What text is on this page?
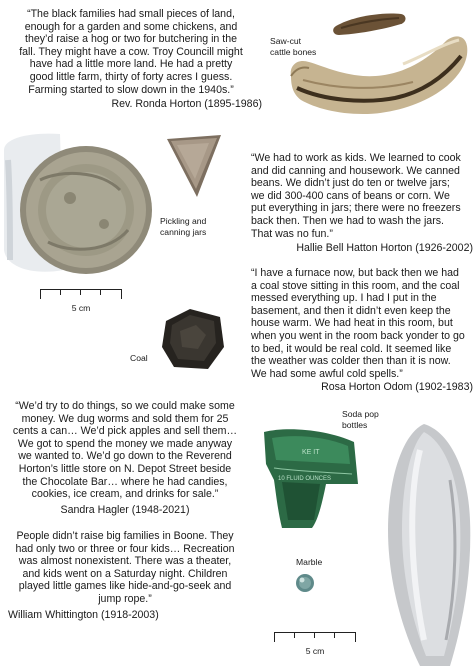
“The black families had small pieces of land,

enough for a garden and some chickens, and

they’d raise a hog or two for butchering in the

fall. They might have a cow. Troy Councill might

have had a little more land. He had a pretty

good little farm, thirty of forty acres I guess.

Farming started to slow down in the 1940s.”

Rev. Ronda Horton (1895-1986)
Saw-cut
cattle bones
Pickling and
canning jars

“We had to work as kids. We learned to cook

and did canning and housework. We canned

beans. We didn’t just do ten or twelve jars;

we did 300-400 cans of beans or corn. We

put everything in jars; there were no freezers

back then. Then we had to wash the jars.

That was no fun.”

Hallie Bell Hatton Horton (1926-2002)
5 cm
Coal

“I have a furnace now, but back then we had

a coal stove sitting in this room, and the coal

messed everything up. I had I put in the

basement, and then it didn’t even keep the

house warm. We had heat in this room, but

when you went in the room back yonder to go

to bed, it would be real cold. It seemed like

the weather was colder then than it is now.

We had some awful cold spells.”

Rosa Horton Odom (1902-1983)

“We’d try to do things, so we could make some

money. We dug worms and sold them for 25

cents a can… We’d pick apples and sell them…

We got to spend the money we made anyway

we wanted to. We’d go down to the Reverend

Horton’s little store on N. Depot Street beside

the Chocolate Bar… where he had candies,

cookies, ice cream, and drinks for sale.”

Sandra Hagler (1948-2021)
KE IT
10 FLUID OUNCES
Soda pop
bottles

People didn’t raise big families in Boone. They

had only two or three or four kids… Recreation

was almost nonexistent. There was a theater,

and kids went on a Saturday night. Children

played little games like hide-and-go-seek and

jump rope.”

William Whittington (1918-2003)
Marble
5 cm
